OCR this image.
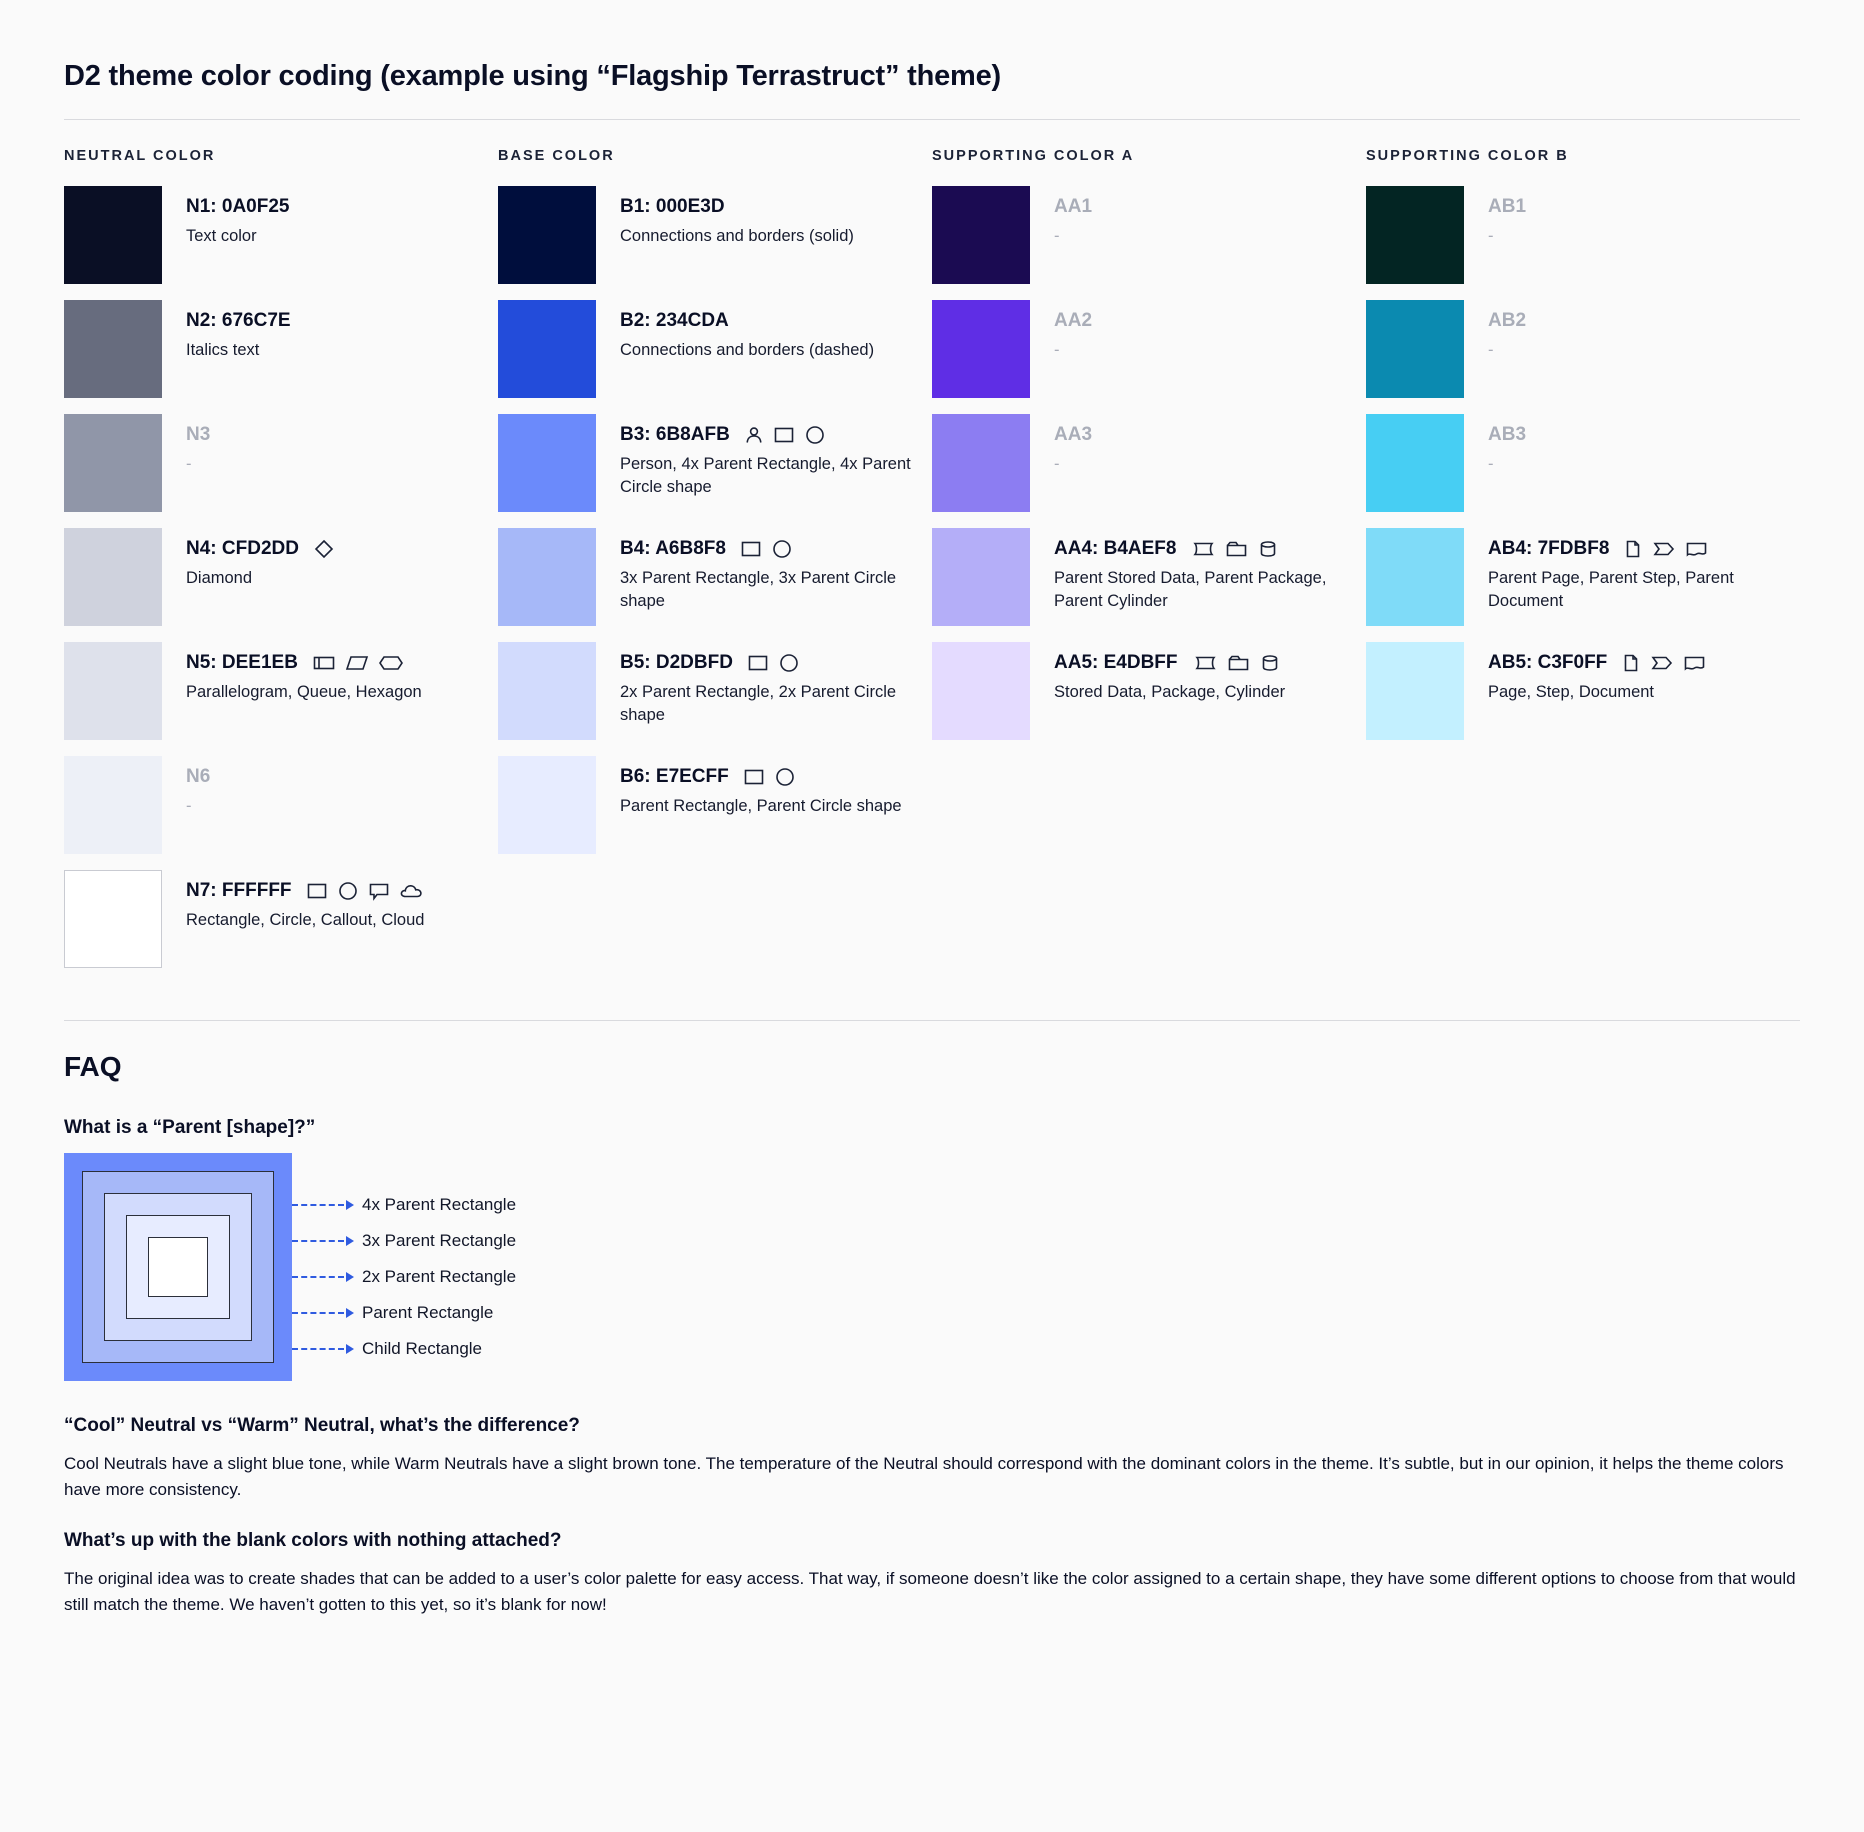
D2 theme color coding (example using “Flagship Terrastruct” theme)
NEUTRAL COLOR
N1: 0A0F25
Text color
N2: 676C7E
Italics text
N3
-
N4: CFD2DD
Diamond
N5: DEE1EB
Parallelogram, Queue, Hexagon
N6
-
N7: FFFFFF
Rectangle, Circle, Callout, Cloud
BASE COLOR
B1: 000E3D
Connections and borders (solid)
B2: 234CDA
Connections and borders (dashed)
B3: 6B8AFB
Person, 4x Parent Rectangle, 4x Parent Circle shape
B4: A6B8F8
3x Parent Rectangle, 3x Parent Circle shape
B5: D2DBFD
2x Parent Rectangle, 2x Parent Circle shape
B6: E7ECFF
Parent Rectangle, Parent Circle shape
SUPPORTING COLOR A
AA1
-
AA2
-
AA3
-
AA4: B4AEF8
Parent Stored Data, Parent Package, Parent Cylinder
AA5: E4DBFF
Stored Data, Package, Cylinder
SUPPORTING COLOR B
AB1
-
AB2
-
AB3
-
AB4: 7FDBF8
Parent Page, Parent Step, Parent Document
AB5: C3F0FF
Page, Step, Document
FAQ
What is a “Parent [shape]?”
4x Parent Rectangle
3x Parent Rectangle
2x Parent Rectangle
Parent Rectangle
Child Rectangle
“Cool” Neutral vs “Warm” Neutral, what’s the difference?
Cool Neutrals have a slight blue tone, while Warm Neutrals have a slight brown tone. The temperature of the Neutral should correspond with the dominant colors in the theme. It’s subtle, but in our opinion, it helps the theme colors have more consistency.
What’s up with the blank colors with nothing attached?
The original idea was to create shades that can be added to a user’s color palette for easy access. That way, if someone doesn’t like the color assigned to a certain shape, they have some different options to choose from that would still match the theme. We haven’t gotten to this yet, so it’s blank for now!
